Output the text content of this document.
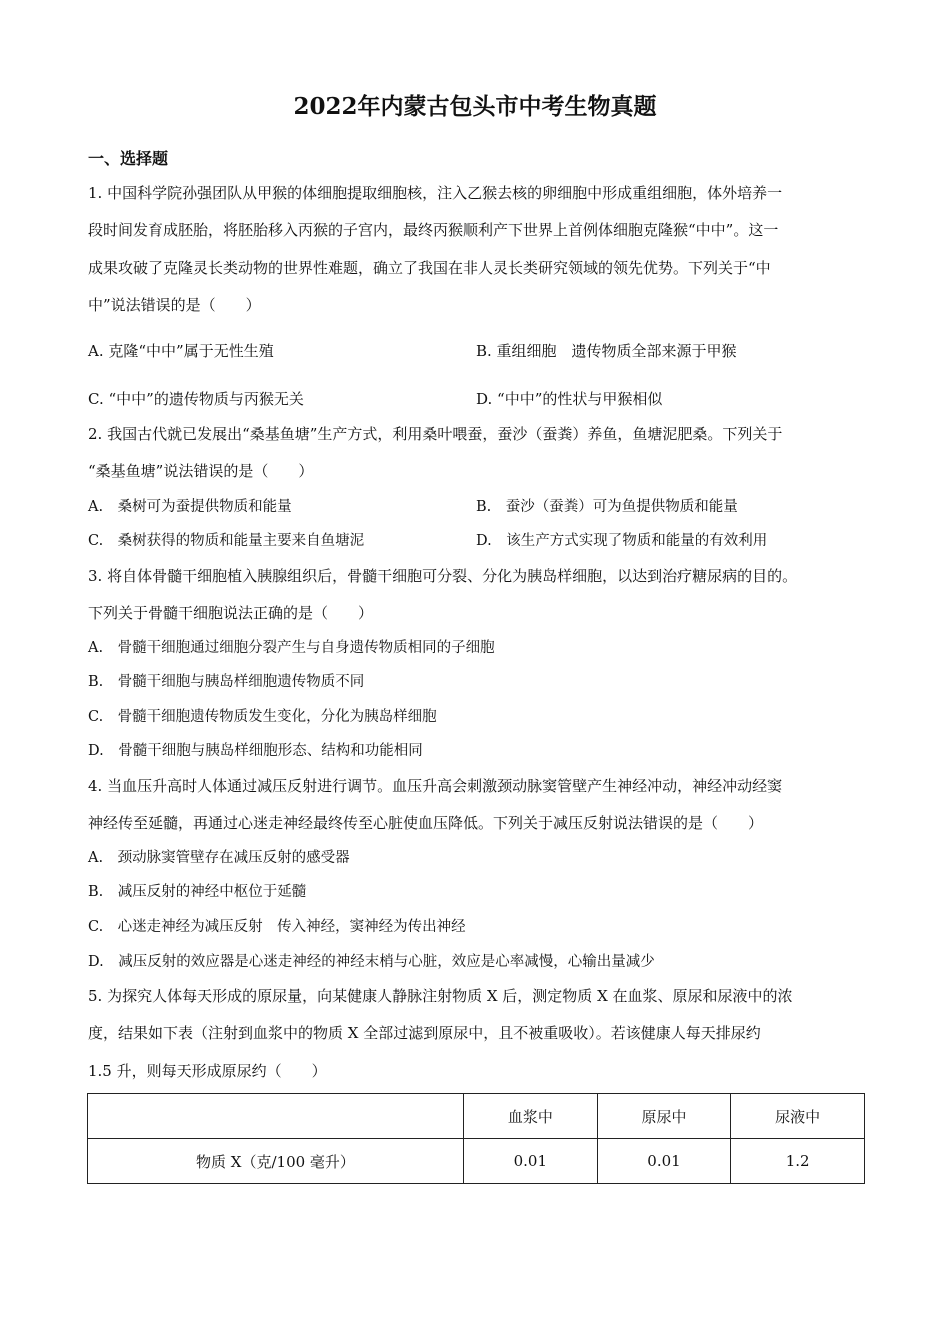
2022年内蒙古包头市中考生物真题
一、选择题
1. 中国科学院孙强团队从甲猴的体细胞提取细胞核，注入乙猴去核的卵细胞中形成重组细胞，体外培养一
段时间发育成胚胎，将胚胎移入丙猴的子宫内，最终丙猴顺利产下世界上首例体细胞克隆猴“中中”。这一
成果攻破了克隆灵长类动物的世界性难题，确立了我国在非人灵长类研究领域的领先优势。下列关于“中
中”说法错误的是（　　）
A. 克隆“中中”属于无性生殖	B. 重组细胞　遗传物质全部来源于甲猴
C. “中中”的遗传物质与丙猴无关	D. “中中”的性状与甲猴相似
2. 我国古代就已发展出“桑基鱼塘”生产方式，利用桑叶喂蚕，蚕沙（蚕粪）养鱼，鱼塘泥肥桑。下列关于
“桑基鱼塘”说法错误的是（　　）
A.　桑树可为蚕提供物质和能量	B.　蚕沙（蚕粪）可为鱼提供物质和能量
C.　桑树获得的物质和能量主要来自鱼塘泥	D.　该生产方式实现了物质和能量的有效利用
3. 将自体骨髓干细胞植入胰腺组织后，骨髓干细胞可分裂、分化为胰岛样细胞，以达到治疗糖尿病的目的。
下列关于骨髓干细胞说法正确的是（　　）
A.　骨髓干细胞通过细胞分裂产生与自身遗传物质相同的子细胞
B.　骨髓干细胞与胰岛样细胞遗传物质不同
C.　骨髓干细胞遗传物质发生变化，分化为胰岛样细胞
D.　骨髓干细胞与胰岛样细胞形态、结构和功能相同
4. 当血压升高时人体通过减压反射进行调节。血压升高会刺激颈动脉窦管壁产生神经冲动，神经冲动经窦
神经传至延髓，再通过心迷走神经最终传至心脏使血压降低。下列关于减压反射说法错误的是（　　）
A.　颈动脉窦管壁存在减压反射的感受器
B.　减压反射的神经中枢位于延髓
C.　心迷走神经为减压反射　传入神经，窦神经为传出神经
D.　减压反射的效应器是心迷走神经的神经末梢与心脏，效应是心率减慢，心输出量减少
5. 为探究人体每天形成的原尿量，向某健康人静脉注射物质 X 后，测定物质 X 在血浆、原尿和尿液中的浓
度，结果如下表（注射到血浆中的物质 X 全部过滤到原尿中，且不被重吸收）。若该健康人每天排尿约
1.5 升，则每天形成原尿约（　　）
	血浆中	原尿中	尿液中
物质 X（克/100 毫升）	0.01	0.01	1.2
